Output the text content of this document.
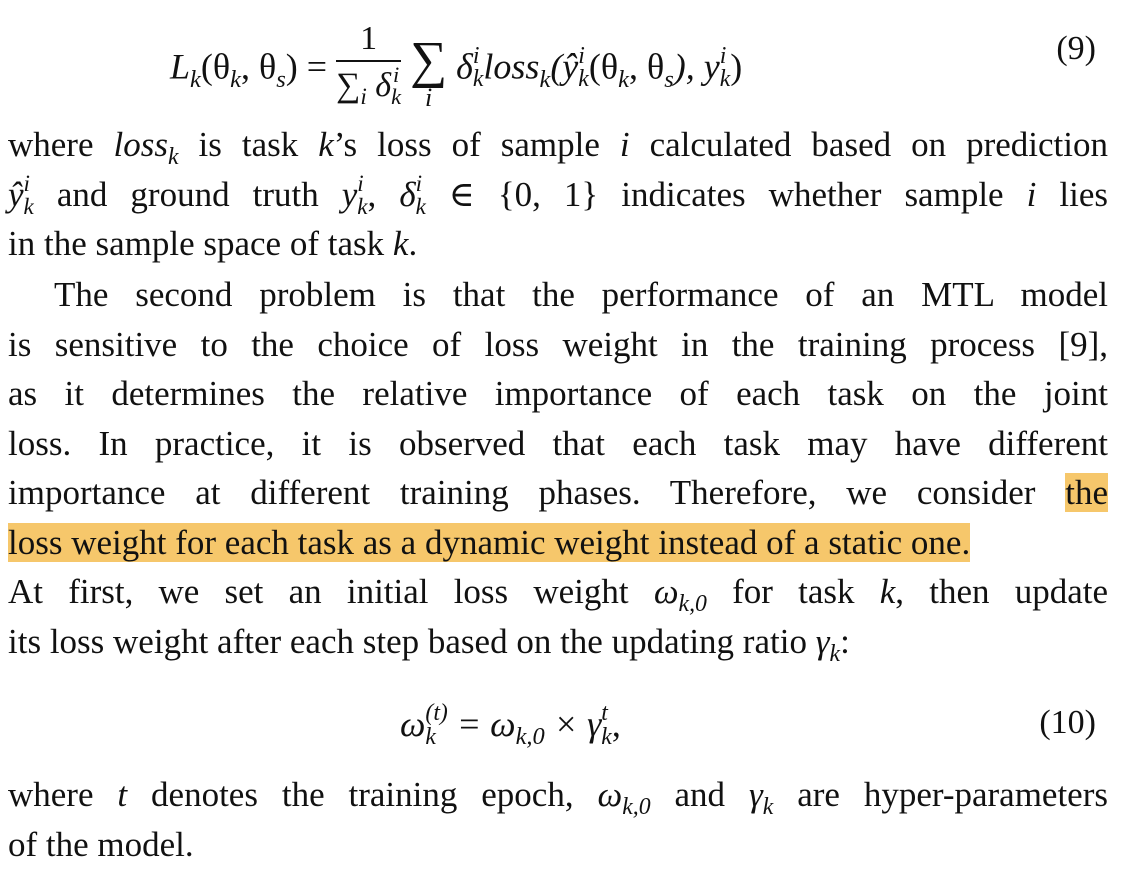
$L_k(\theta_k$, $\theta_s) = 1$
$\sum_i$ δ i
k
∑
i
δ i
k loss$_k$(ŷ i
k ($\theta_k$, $\theta_s$), y i
k )	(9)
where loss$_k$ is task k’s loss of sample i calculated based on prediction
ŷ i
k and ground truth y i
k , δ i
k ∈ {0, 1} indicates whether sample i lies
in the sample space of task k.
The second problem is that the performance of an MTL model
is sensitive to the choice of loss weight in the training process [9],
as it determines the relative importance of each task on the joint
loss. In practice, it is observed that each task may have different
importance at different training phases. Therefore, we consider the
loss weight for each task as a dynamic weight instead of a static one.
At first, we set an initial loss weight $\omega_{k,0}$ for task k, then update
its loss weight after each step based on the updating ratio $\gamma_k$:
ω (t)
$k = \omega_{k,0} \times \gamma$ t
k ,	(10)
where t denotes the training epoch, $\omega_{k,0}$ and $\gamma_k$ are hyper-parameters
of the model.
